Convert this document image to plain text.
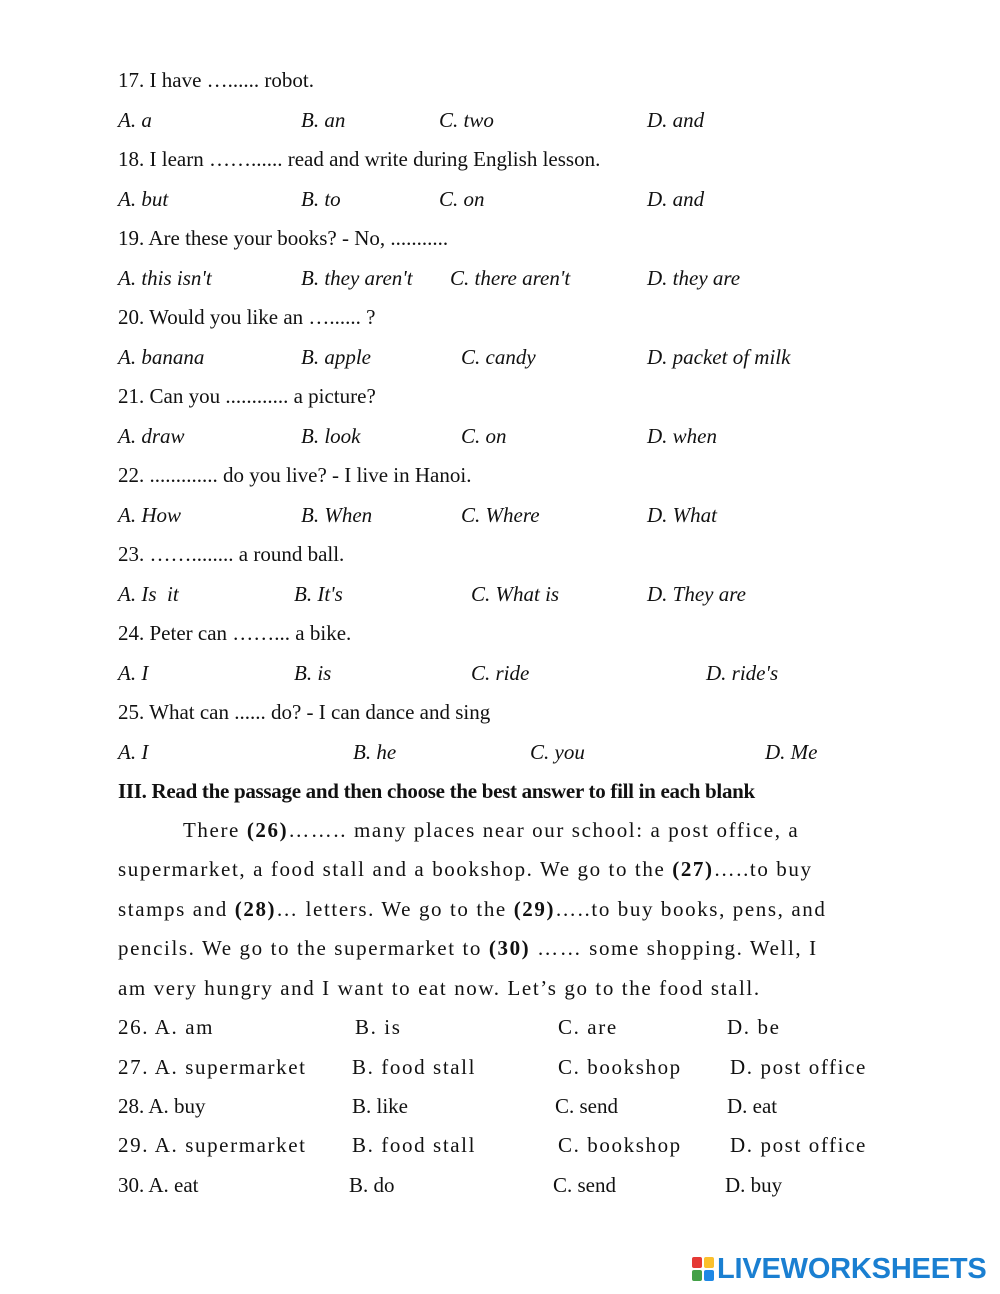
17. I have …...... robot.
A. a	B. an	C. two	D. and
18. I learn ……...... read and write during English lesson.
A. but	B. to	C. on	D. and
19. Are these your books? - No, ...........
A. this isn't	B. they aren't C. there aren't	D. they are
20. Would you like an …...... ?
A. banana	B. apple	C. candy	D. packet of milk
21. Can you ............ a picture?
A. draw	B. look	C. on	D. when
22. ............. do you live? - I live in Hanoi.
A. How	B. When	C. Where	D. What
23. ……........ a round ball.
A. Is  it	B. It's	C. What is	D. They are
24. Peter can ……... a bike.
A. I	B. is	C. ride	D. ride's
25. What can ...... do? - I can dance and sing
A. I	B. he	C. you	D. Me
III. Read the passage and then choose the best answer to fill in each blank
There (26)…….. many places near our school: a post office, a
supermarket, a food stall and a bookshop. We go to the (27)…..to buy
stamps and (28)… letters. We go to the (29)…..to buy books, pens, and
pencils. We go to the supermarket to (30) …… some shopping. Well, I
am very hungry and I want to eat now. Let’s go to the food stall.
26. A. am	B. is	C. are	D. be
27. A. supermarket B. food stall	C. bookshop D. post office
28. A. buy	B. like	C. send	D. eat
29. A. supermarket B. food stall	C. bookshop D. post office
30. A. eat	B. do	C. send	D. buy
LIVEWORKSHEETS
